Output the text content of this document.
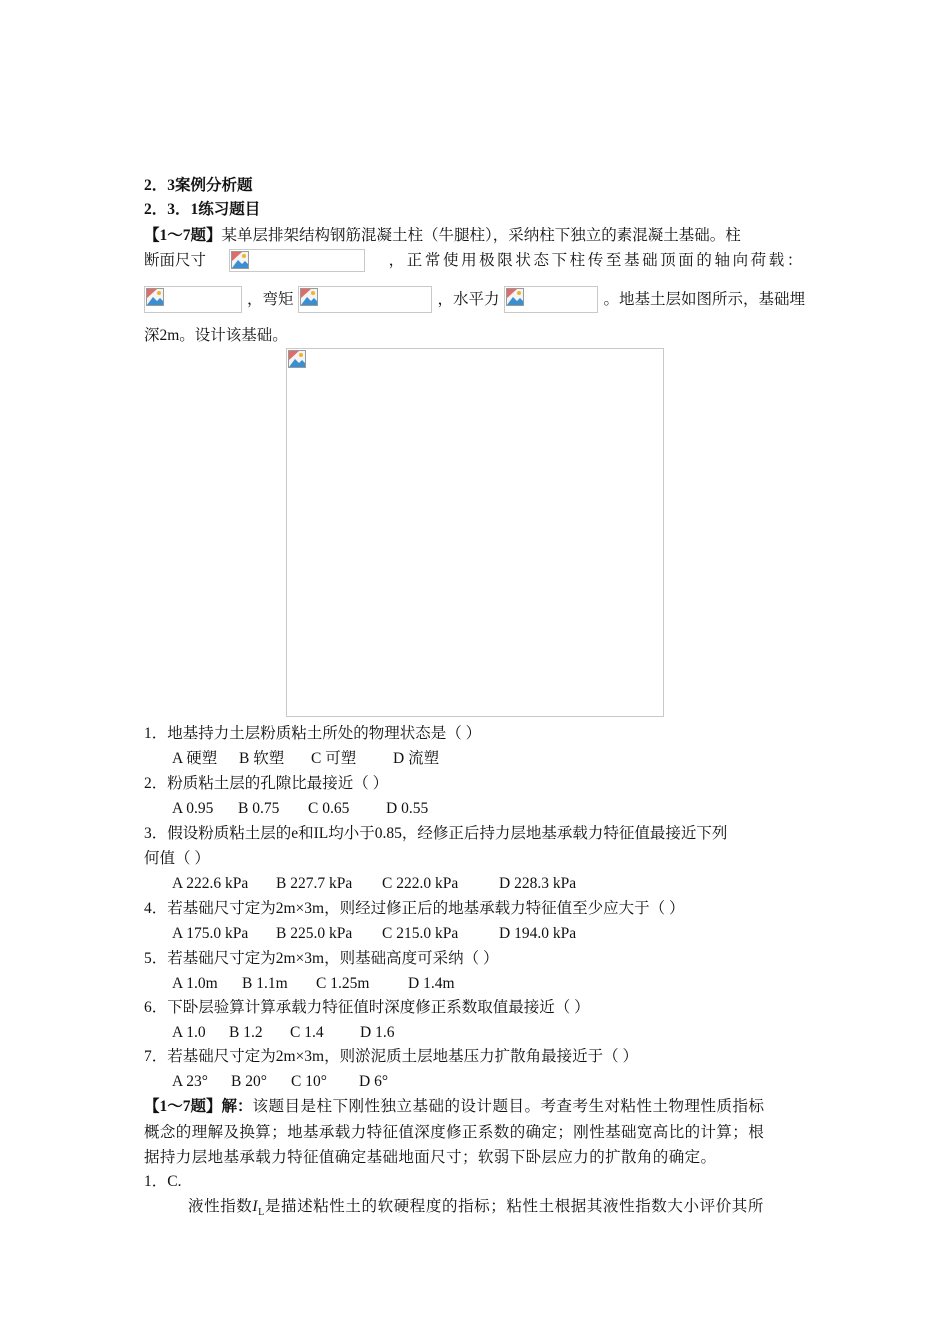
2．3案例分析题
2．3．1练习题目
【1～7题】 某单层排架结构钢筋混凝土柱（牛腿柱），采纳柱下独立的素混凝土基础。柱
断面尺寸	，正常使用极限状态下柱传至基础顶面的轴向荷载：
，弯矩	，水平力	。地基土层如图所示，基础埋
深2m。设计该基础。
1．地基持力土层粉质粘土所处的物理状态是（ ）
A 硬塑 B 软塑 C 可塑 D 流塑
2．粉质粘土层的孔隙比最接近（ ）
A 0.95 B 0.75 C 0.65 D 0.55
3．假设粉质粘土层的e和IL均小于0.85，经修正后持力层地基承载力特征值最接近下列
何值（ ）
A 222.6 kPa B 227.7 kPa C 222.0 kPa	D 228.3 kPa
4．若基础尺寸定为2m×3m，则经过修正后的地基承载力特征值至少应大于（ ）
A 175.0 kPa B 225.0 kPa C 215.0 kPa	D 194.0 kPa
5．若基础尺寸定为2m×3m，则基础高度可采纳（ ）
A 1.0m B 1.1m C 1.25m D 1.4m
6．下卧层验算计算承载力特征值时深度修正系数取值最接近（ ）
A 1.0 B 1.2 C 1.4 D 1.6
7．若基础尺寸定为2m×3m，则淤泥质土层地基压力扩散角最接近于（ ）
A 23° B 20° C 10° D 6°
【1～7题】解： 该题目是柱下刚性独立基础的设计题目。考查考生对粘性土物理性质指标
概念的理解及换算；地基承载力特征值深度修正系数的确定；刚性基础宽高比的计算；根
据持力层地基承载力特征值确定基础地面尺寸；软弱下卧层应力的扩散角的确定。
1．C.
液性指数$I_L$是描述粘性土的软硬程度的指标；粘性土根据其液性指数大小评价其所
